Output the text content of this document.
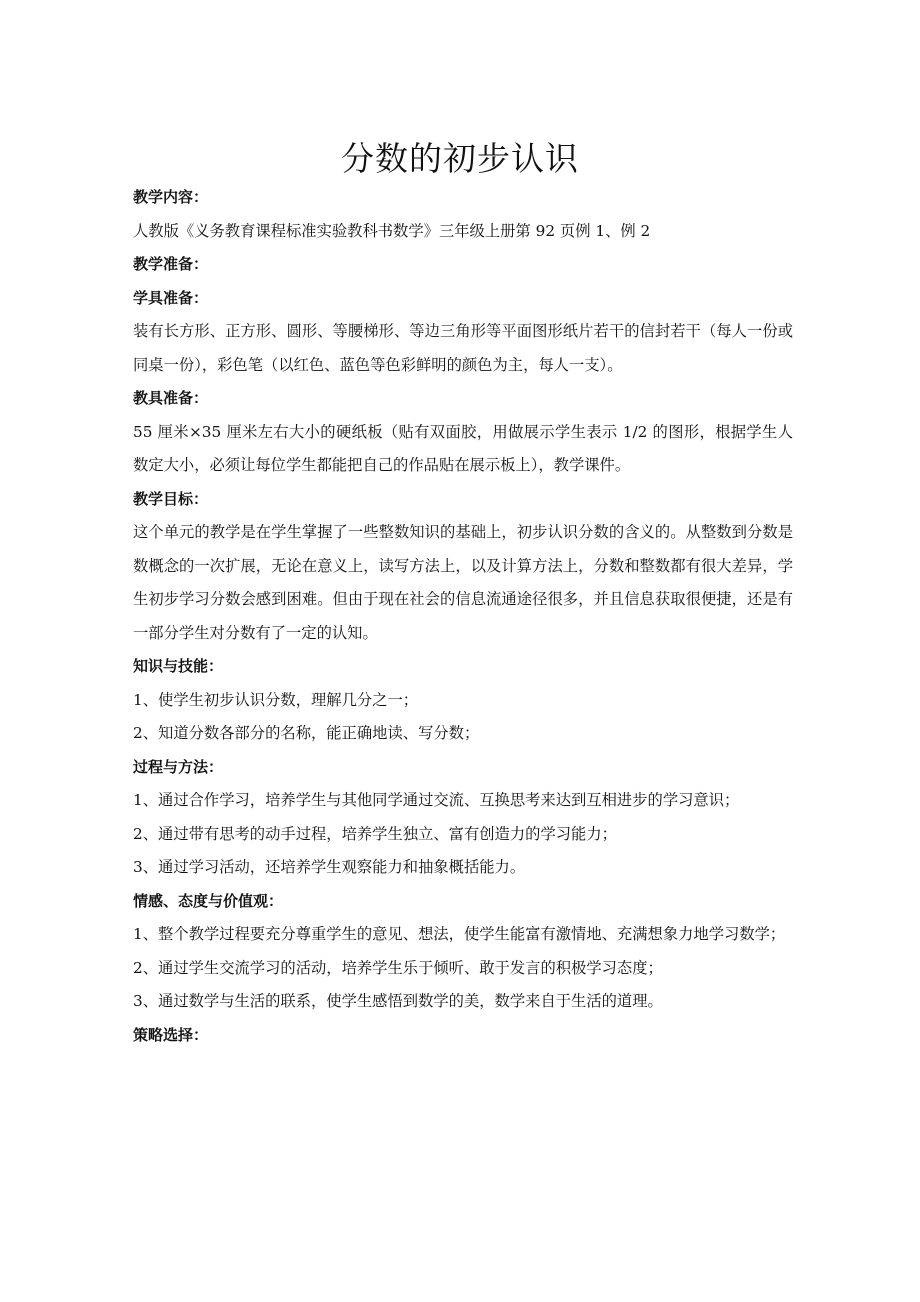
分数的初步认识
教学内容：

人教版《义务教育课程标准实验教科书数学》三年级上册第 92 页例 1、例 2

教学准备：
学具准备：

装有长方形、正方形、圆形、等腰梯形、等边三角形等平面图形纸片若干的信封若干（每人一份或同桌一份），彩色笔（以红色、蓝色等色彩鲜明的颜色为主，每人一支）。

教具准备：

55 厘米×35 厘米左右大小的硬纸板（贴有双面胶，用做展示学生表示 1/2 的图形，根据学生人数定大小，必须让每位学生都能把自己的作品贴在展示板上），教学课件。

教学目标：

这个单元的教学是在学生掌握了一些整数知识的基础上，初步认识分数的含义的。从整数到分数是数概念的一次扩展，无论在意义上，读写方法上，以及计算方法上，分数和整数都有很大差异，学生初步学习分数会感到困难。但由于现在社会的信息流通途径很多，并且信息获取很便捷，还是有一部分学生对分数有了一定的认知。

知识与技能：

1、使学生初步认识分数，理解几分之一；

2、知道分数各部分的名称，能正确地读、写分数；

过程与方法：

1、通过合作学习，培养学生与其他同学通过交流、互换思考来达到互相进步的学习意识；

2、通过带有思考的动手过程，培养学生独立、富有创造力的学习能力；

3、通过学习活动，还培养学生观察能力和抽象概括能力。

情感、态度与价值观：

1、整个教学过程要充分尊重学生的意见、想法，使学生能富有激情地、充满想象力地学习数学；

2、通过学生交流学习的活动，培养学生乐于倾听、敢于发言的积极学习态度；

3、通过数学与生活的联系，使学生感悟到数学的美，数学来自于生活的道理。

策略选择：
